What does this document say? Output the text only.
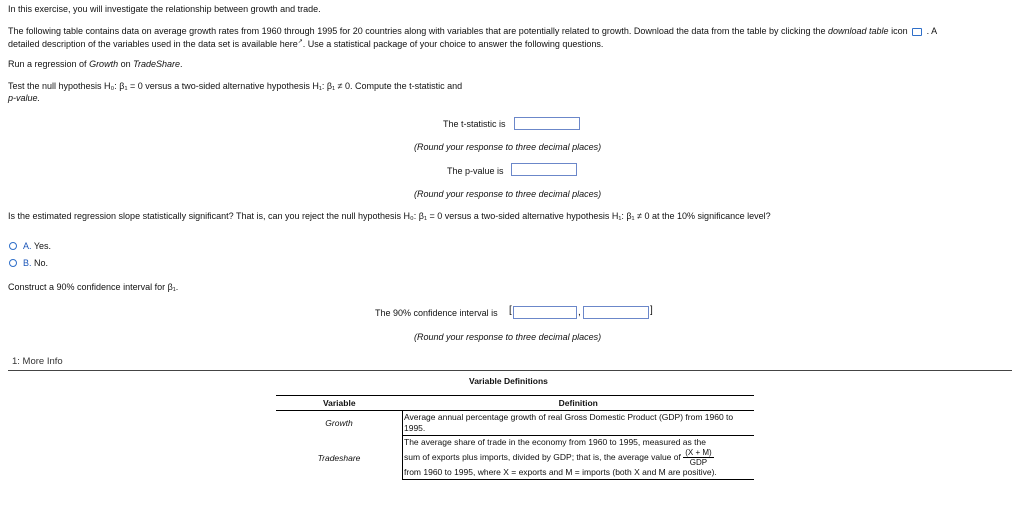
In this exercise, you will investigate the relationship between growth and trade.
The following table contains data on average growth rates from 1960 through 1995 for 20 countries along with variables that are potentially related to growth. Download the data from the table by clicking the download table icon . A
detailed description of the variables used in the data set is available here↗. Use a statistical package of your choice to answer the following questions.
Run a regression of Growth on TradeShare.
Test the null hypothesis H₀: β₁ = 0 versus a two-sided alternative hypothesis H₁: β₁ ≠ 0. Compute the t-statistic and
p-value.
The t-statistic is
(Round your response to three decimal places)
The p-value is
(Round your response to three decimal places)
Is the estimated regression slope statistically significant? That is, can you reject the null hypothesis H₀: β₁ = 0 versus a two-sided alternative hypothesis H₁: β₁ ≠ 0 at the 10% significance level?
A. Yes.
B. No.
Construct a 90% confidence interval for β₁.
The 90% confidence interval is [	,	]
(Round your response to three decimal places)
1: More Info
Variable Definitions
Variable	Definition
Growth	Average annual percentage growth of real Gross Domestic Product (GDP) from 1960 to 1995.
Tradeshare	The average share of trade in the economy from 1960 to 1995, measured as the
sum of exports plus imports, divided by GDP; that is, the average value of $\frac{(X + M)}{\text{GDP}}$
from 1960 to 1995, where X = exports and M = imports (both X and M are positive).
